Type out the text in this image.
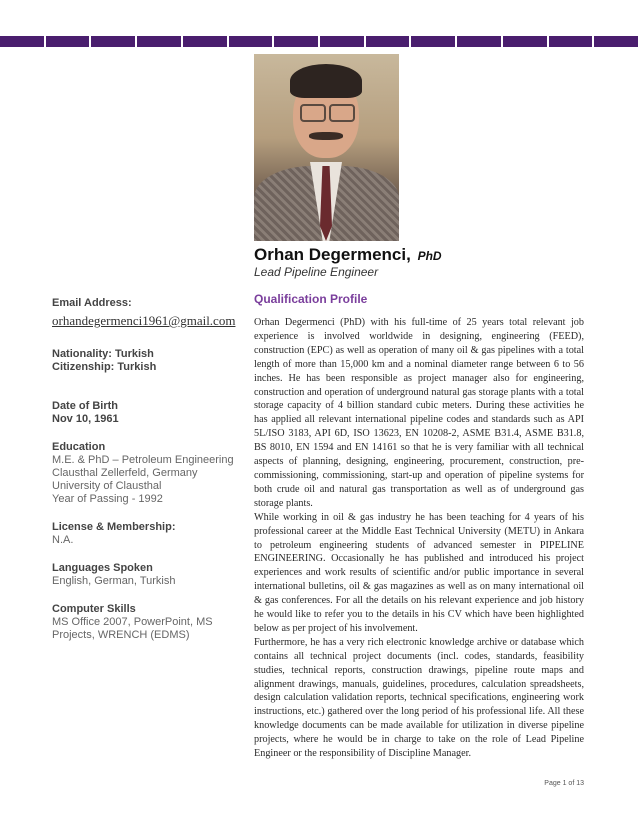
Orhan Degermenci, PhD
Lead Pipeline Engineer
Email Address:
orhandegermenci1961@gmail.com
Nationality: Turkish
Citizenship: Turkish
Date of Birth
Nov 10, 1961
Education
M.E. & PhD – Petroleum Engineering
Clausthal Zellerfeld, Germany
University of Clausthal
Year of Passing - 1992
License & Membership:
N.A.
Languages Spoken
English, German, Turkish
Computer Skills
MS Office 2007, PowerPoint, MS
Projects, WRENCH (EDMS)
Qualification Profile

Orhan Degermenci (PhD) with his full-time of 25 years total relevant job experience is involved worldwide in designing, engineering (FEED), construction (EPC) as well as operation of many oil & gas pipelines with a total length of more than 15,000 km and a nominal diameter range between 6 to 56 inches. He has been responsible as project manager also for engineering, construction and operation of underground natural gas storage plants with a total storage capacity of 4 billion standard cubic meters. During these activities he has applied all relevant international pipeline codes and standards such as API 5L/ISO 3183, API 6D, ISO 13623, EN 10208-2, ASME B31.4, ASME B31.8, BS 8010, EN 1594 and EN 14161 so that he is very familiar with all technical aspects of planning, designing, engineering, procurement, construction, pre-commissioning, commissioning, start-up and operation of pipeline systems for both crude oil and natural gas transportation as well as of underground gas storage plants.

While working in oil & gas industry he has been teaching for 4 years of his professional career at the Middle East Technical University (METU) in Ankara to petroleum engineering students of advanced semester in PIPELINE ENGINEERING. Occasionally he has published and introduced his project experiences and work results of scientific and/or public importance in several international bulletins, oil & gas magazines as well as on many international oil & gas conferences. For all the details on his relevant experience and job history he would like to refer you to the details in his CV which have been highlighted below as per project of his involvement.

Furthermore, he has a very rich electronic knowledge archive or database which contains all technical project documents (incl. codes, standards, feasibility studies, technical reports, construction drawings, pipeline route maps and alignment drawings, manuals, guidelines, procedures, calculation spreadsheets, design calculation validation reports, technical specifications, engineering work instructions, etc.) gathered over the long period of his professional life. All these knowledge documents can be made available for utilization in diverse pipeline projects, where he would be in charge to take on the role of Lead Pipeline Engineer or the responsibility of Discipline Manager.

Page 1 of 13
